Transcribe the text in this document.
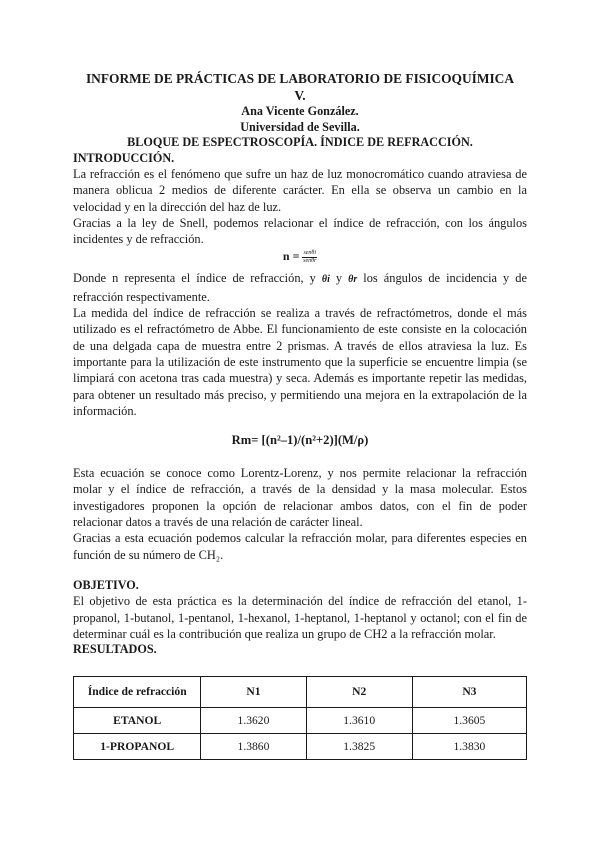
INFORME DE PRÁCTICAS DE LABORATORIO DE FISICOQUÍMICA

V.

Ana Vicente González.

Universidad de Sevilla.

BLOQUE DE ESPECTROSCOPÍA. ÍNDICE DE REFRACCIÓN.

INTRODUCCIÓN.

La refracción es el fenómeno que sufre un haz de luz monocromático cuando atraviesa de manera oblicua 2 medios de diferente carácter. En ella se observa un cambio en la velocidad y en la dirección del haz de luz.

Gracias a la ley de Snell, podemos relacionar el índice de refracción, con los ángulos incidentes y de refracción.

$n = \frac{\text{senθi}}{\text{senθr}}$

Donde n representa el índice de refracción, y θi y θr los ángulos de incidencia y de refracción respectivamente.

La medida del índice de refracción se realiza a través de refractómetros, donde el más utilizado es el refractómetro de Abbe. El funcionamiento de este consiste en la colocación de una delgada capa de muestra entre 2 prismas. A través de ellos atraviesa la luz. Es importante para la utilización de este instrumento que la superficie se encuentre limpia (se limpiará con acetona tras cada muestra) y seca. Además es importante repetir las medidas, para obtener un resultado más preciso, y permitiendo una mejora en la extrapolación de la información.

Rm= [(n²–1)/(n²+2)](M/ρ)

Esta ecuación se conoce como Lorentz-Lorenz, y nos permite relacionar la refracción molar y el índice de refracción, a través de la densidad y la masa molecular. Estos investigadores proponen la opción de relacionar ambos datos, con el fin de poder relacionar datos a través de una relación de carácter lineal.

Gracias a esta ecuación podemos calcular la refracción molar, para diferentes especies en función de su número de CH₂.

OBJETIVO.

El objetivo de esta práctica es la determinación del índice de refracción del etanol, 1-propanol, 1-butanol, 1-pentanol, 1-hexanol, 1-heptanol, 1-heptanol y octanol; con el fin de determinar cuál es la contribución que realiza un grupo de CH2 a la refracción molar.

RESULTADOS.

Índice de refracción	N1	N2	N3
ETANOL	1.3620	1.3610	1.3605
1-PROPANOL	1.3860	1.3825	1.3830
